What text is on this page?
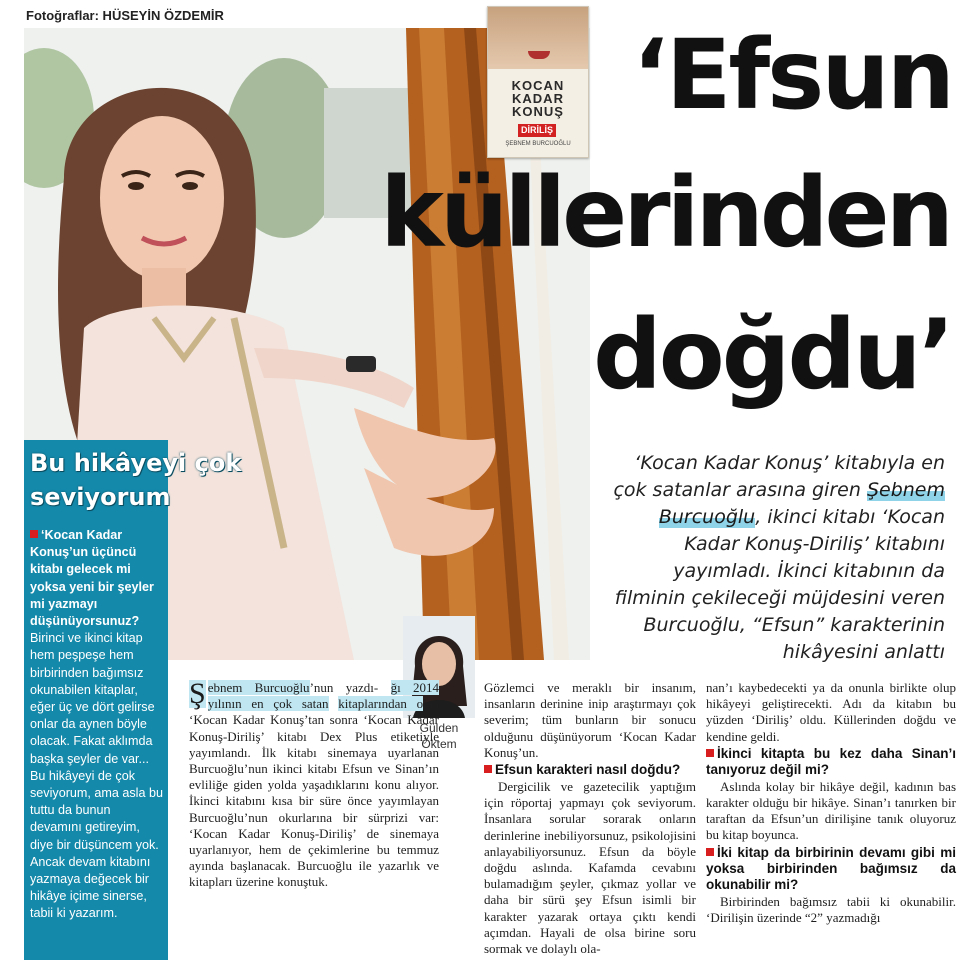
Fotoğraflar: HÜSEYİN ÖZDEMİR
KOCAN
KADAR
KONUŞ
DİRİLİŞ
ŞEBNEM BURCUOĞLU
‘Efsun
küllerinden
doğdu’
‘Kocan Kadar Konuş’ kitabıyla en çok satanlar arasına giren Şebnem Burcuoğlu, ikinci kitabı ‘Kocan Kadar Konuş-Diriliş’ kitabını yayımladı. İkinci kitabının da filminin çekileceği müjdesini veren Burcuoğlu, “Efsun” karakterinin hikâyesini anlattı
Bu hikâyeyi çok seviyorum
‘Kocan Kadar Konuş’un üçüncü kitabı gelecek mi yoksa yeni bir şeyler mi yazmayı düşünüyorsunuz? Birinci ve ikinci kitap hem peşpeşe hem birbirinden bağımsız okunabilen kitaplar, eğer üç ve dört gelirse onlar da aynen böyle olacak. Fakat aklımda başka şeyler de var... Bu hikâyeyi de çok seviyorum, ama asla bu tuttu da bunun devamını getireyim, diye bir düşüncem yok. Ancak devam kitabını yazmaya değecek bir hikâye içime sinerse, tabii ki yazarım.
Gülden
Öktem
Ş ebnem Burcuoğlu’nun yazdı- ğı 2014 yılının en çok satan kitaplarından olan ‘Kocan Kadar Konuş’tan sonra ‘Kocan Kadar Konuş-Diriliş’ kitabı Dex Plus etiketiyle yayımlandı. İlk kitabı sinemaya uyarlanan Burcuoğlu’nun ikinci kitabı Efsun ve Sinan’ın evliliğe giden yolda yaşadıklarını konu alıyor. İkinci kitabını kısa bir süre önce yayımlayan Burcuoğlu’nun okurlarına bir sürprizi var: ‘Kocan Kadar Konuş-Diriliş’ de sinemaya uyarlanıyor, hem de çekimlerine bu temmuz ayında başlanacak. Burcuoğlu ile yazarlık ve kitapları üzerine konuştuk.
Gözlemci ve meraklı bir insanım, insanların derinine inip araştırmayı çok severim; tüm bunların bir sonucu olduğunu düşünüyorum ‘Kocan Kadar Konuş’un.
Efsun karakteri nasıl doğdu?
Dergicilik ve gazetecilik yaptığım için röportaj yapmayı çok seviyorum. İnsanlara sorular sorarak onların derinlerine inebiliyorsunuz, psikolojisini anlayabiliyorsunuz. Efsun da böyle doğdu aslında. Kafamda cevabını bulamadığım şeyler, çıkmaz yollar ve daha bir sürü şey Efsun isimli bir karakter yazarak ortaya çıktı kendi açımdan. Hayali de olsa birine soru sormak ve dolaylı ola-
nan’ı kaybedecekti ya da onunla birlikte olup hikâyeyi geliştirecekti. Adı da kitabın bu yüzden ‘Diriliş’ oldu. Küllerinden doğdu ve kendine geldi.
İkinci kitapta bu kez daha Sinan’ı tanıyoruz değil mi?
Aslında kolay bir hikâye değil, kadının bas karakter olduğu bir hikâye. Sinan’ı tanırken bir taraftan da Efsun’un dirilişine tanık oluyoruz bu kitap boyunca.
İki kitap da birbirinin devamı gibi mi yoksa birbirinden bağımsız da okunabilir mi?
Birbirinden bağımsız tabii ki okunabilir. ‘Dirilişin üzerinde “2” yazmadığı
